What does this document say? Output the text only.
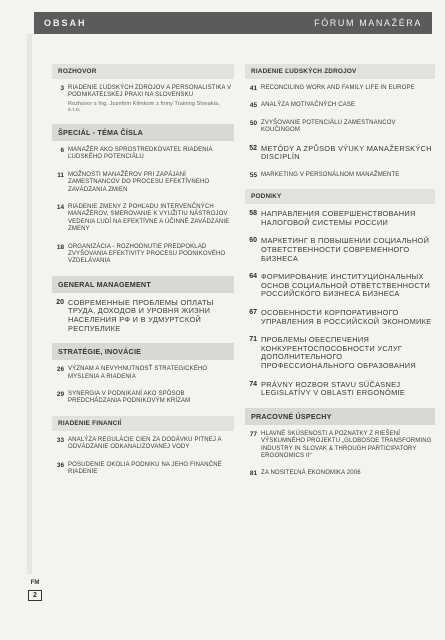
OBSAH	FÓRUM MANAŽÉRA
ROZHOVOR
3 RIADENIE ĽUDSKÝCH ZDROJOV A PERSONALISTIKA V PODNIKATEĽSKEJ PRAXI NA SLOVENSKU
Rozhovor s Ing. Jozefom Klimkom z firmy Training Slovakia, s.r.o.
ŠPECIÁL - TÉMA ČÍSLA
6 MANAŽÉR AKO SPROSTREDKOVATEĽ RIADENIA ĽUDSKÉHO POTENCIÁLU
11 MOŽNOSTI MANAŽÉROV PRI ZAPÁJANÍ ZAMESTNANCOV DO PROCESU EFEKTÍVNEHO ZAVÁDZANIA ZMIEN
14 RIADENIE ZMENY Z POHĽADU INTERVENČNÝCH MANAŽÉROV, SMEROVANIE K VYUŽITIU NÁSTROJOV VEDENIA ĽUDÍ NA EFEKTÍVNE A ÚČINNÉ ZAVÁDZANIE ZMENY
18 ORGANIZÁCIA - ROZHODNUTIE PREDPOKLAD ZVYŠOVANIA EFEKTIVITY PROCESU PODNIKOVÉHO VZDELÁVANIA
GENERAL MANAGEMENT
20 СОВРЕМЕННЫЕ ПРОБЛЕМЫ ОПЛАТЫ ТРУДА, ДОХОДОВ И УРОВНЯ ЖИЗНИ НАСЕЛЕНИЯ РФ И В УДМУРТСКОЙ РЕСПУБЛИКЕ
STRATÉGIE, INOVÁCIE
26 VÝZNAM A NEVYHNUTNOSŤ STRATEGICKÉHO MYSLENIA A RIADENIA
29 SYNERGIA V PODNIKANÍ AKO SPÔSOB PREDCHÁDZANIA PODNIKOVÝM KRÍZAM
RIADENIE FINANCIÍ
33 ANALÝZA REGULÁCIE CIEN ZA DODÁVKU PITNEJ A ODVÁDZANIE ODKANALIZOVANEJ VODY
36 POSUDENIE OKOLIA PODNIKU NA JEHO FINANČNÉ RIADENIE
RIADENIE ĽUDSKÝCH ZDROJOV
41 RECONCILING WORK AND FAMILY LIFE IN EUROPE
45 ANALÝZA MOTIVAČNÝCH CASE
50 ZVYŠOVANIE POTENCIÁLU ZAMESTNANCOV KOUČINGOM
52 METÓDY A ZPŮSOB VÝUKY MANAŽERSKÝCH DISCIPLÍN
55 MARKETING V PERSONÁLNOM MANAŽMENTE
PODNIKY
58 НАПРАВЛЕНИЯ СОВЕРШЕНСТВОВАНИЯ НАЛОГОВОЙ СИСТЕМЫ РОССИИ
60 МАРКЕТИНГ В ПОВЫШЕНИИ СОЦИАЛЬНОЙ ОТВЕТСТВЕННОСТИ СОВРЕМЕННОГО БИЗНЕСА
64 ФОРМИРОВАНИЕ ИНСТИТУЦИОНАЛЬНЫХ ОСНОВ СОЦИАЛЬНОЙ ОТВЕТСТВЕННОСТИ РОССИЙСКОГО БИЗНЕСА БИЗНЕСА
67 ОСОБЕННОСТИ КОРПОРАТИВНОГО УПРАВЛЕНИЯ В РОССИЙСКОЙ ЭКОНОМИКЕ
71 ПРОБЛЕМЫ ОБЕСПЕЧЕНИЯ КОНКУРЕНТОСПОСОБНОСТИ УСЛУГ ДОПОЛНИТЕЛЬНОГО ПРОФЕССИОНАЛЬНОГО ОБРАЗОВАНИЯ
74 PRÁVNY ROZBOR STAVU SÚČASNEJ LEGISLATÍVY V OBLASTI ERGONÓMIE
PRACOVNÉ ÚSPECHY
77 HLAVNÉ SKÚSENOSTI A POZNATKY Z RIEŠENÍ VÝSKUMNÉHO PROJEKTU „GLOBOSOE TRANSFORMING INDUSTRY IN SLOVAK & THROUGH PARTICIPATORY ERGONOMICS II“
81 ZA NOSITEĽNÁ EKONOMIKA 2006
FM
2
